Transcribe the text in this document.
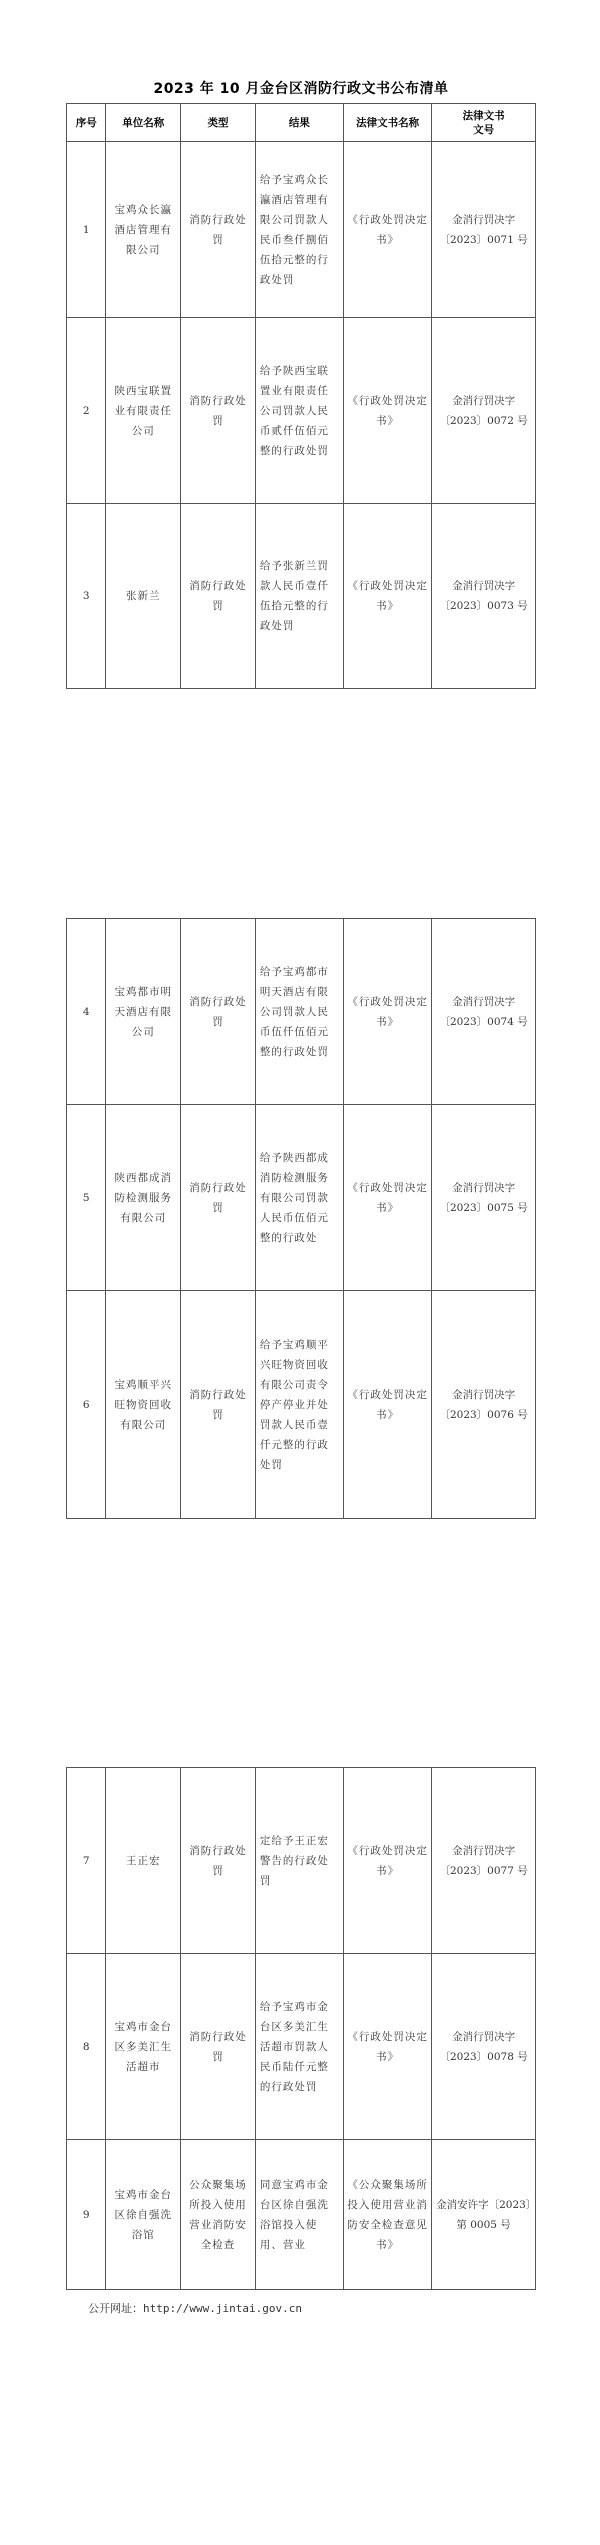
2023 年 10 月金台区消防行政文书公布清单
序号	单位名称	类型	结果	法律文书名称	法律文书
文号
1	宝鸡众长瀛酒店管理有限公司	消防行政处罚	给予宝鸡众长瀛酒店管理有限公司罚款人民币叁仟捌佰伍拾元整的行政处罚	《行政处罚决定书》	金消行罚决字〔2023〕0071 号
2	陕西宝联置业有限责任公司	消防行政处罚	给予陕西宝联置业有限责任公司罚款人民币贰仟伍佰元整的行政处罚	《行政处罚决定书》	金消行罚决字〔2023〕0072 号
3	张新兰	消防行政处罚	给予张新兰罚款人民币壹仟伍拾元整的行政处罚	《行政处罚决定书》	金消行罚决字〔2023〕0073 号
4	宝鸡都市明天酒店有限公司	消防行政处罚	给予宝鸡都市明天酒店有限公司罚款人民币伍仟伍佰元整的行政处罚	《行政处罚决定书》	金消行罚决字〔2023〕0074 号
5	陕西都成消防检测服务有限公司	消防行政处罚	给予陕西都成消防检测服务有限公司罚款人民币伍佰元整的行政处	《行政处罚决定书》	金消行罚决字〔2023〕0075 号
6	宝鸡顺平兴旺物资回收有限公司	消防行政处罚	给予宝鸡顺平兴旺物资回收有限公司责令停产停业并处罚款人民币壹仟元整的行政处罚	《行政处罚决定书》	金消行罚决字〔2023〕0076 号
7	王正宏	消防行政处罚	定给予王正宏警告的行政处罚	《行政处罚决定书》	金消行罚决字〔2023〕0077 号
8	宝鸡市金台区多美汇生活超市	消防行政处罚	给予宝鸡市金台区多美汇生活超市罚款人民币陆仟元整的行政处罚	《行政处罚决定书》	金消行罚决字〔2023〕0078 号
9	宝鸡市金台区徐自强洗浴馆	公众聚集场所投入使用营业消防安全检查	同意宝鸡市金台区徐自强洗浴馆投入使用、营业	《公众聚集场所投入使用营业消防安全检查意见书》	金消安许字〔2023〕第 0005 号
公开网址：http://www.jintai.gov.cn
